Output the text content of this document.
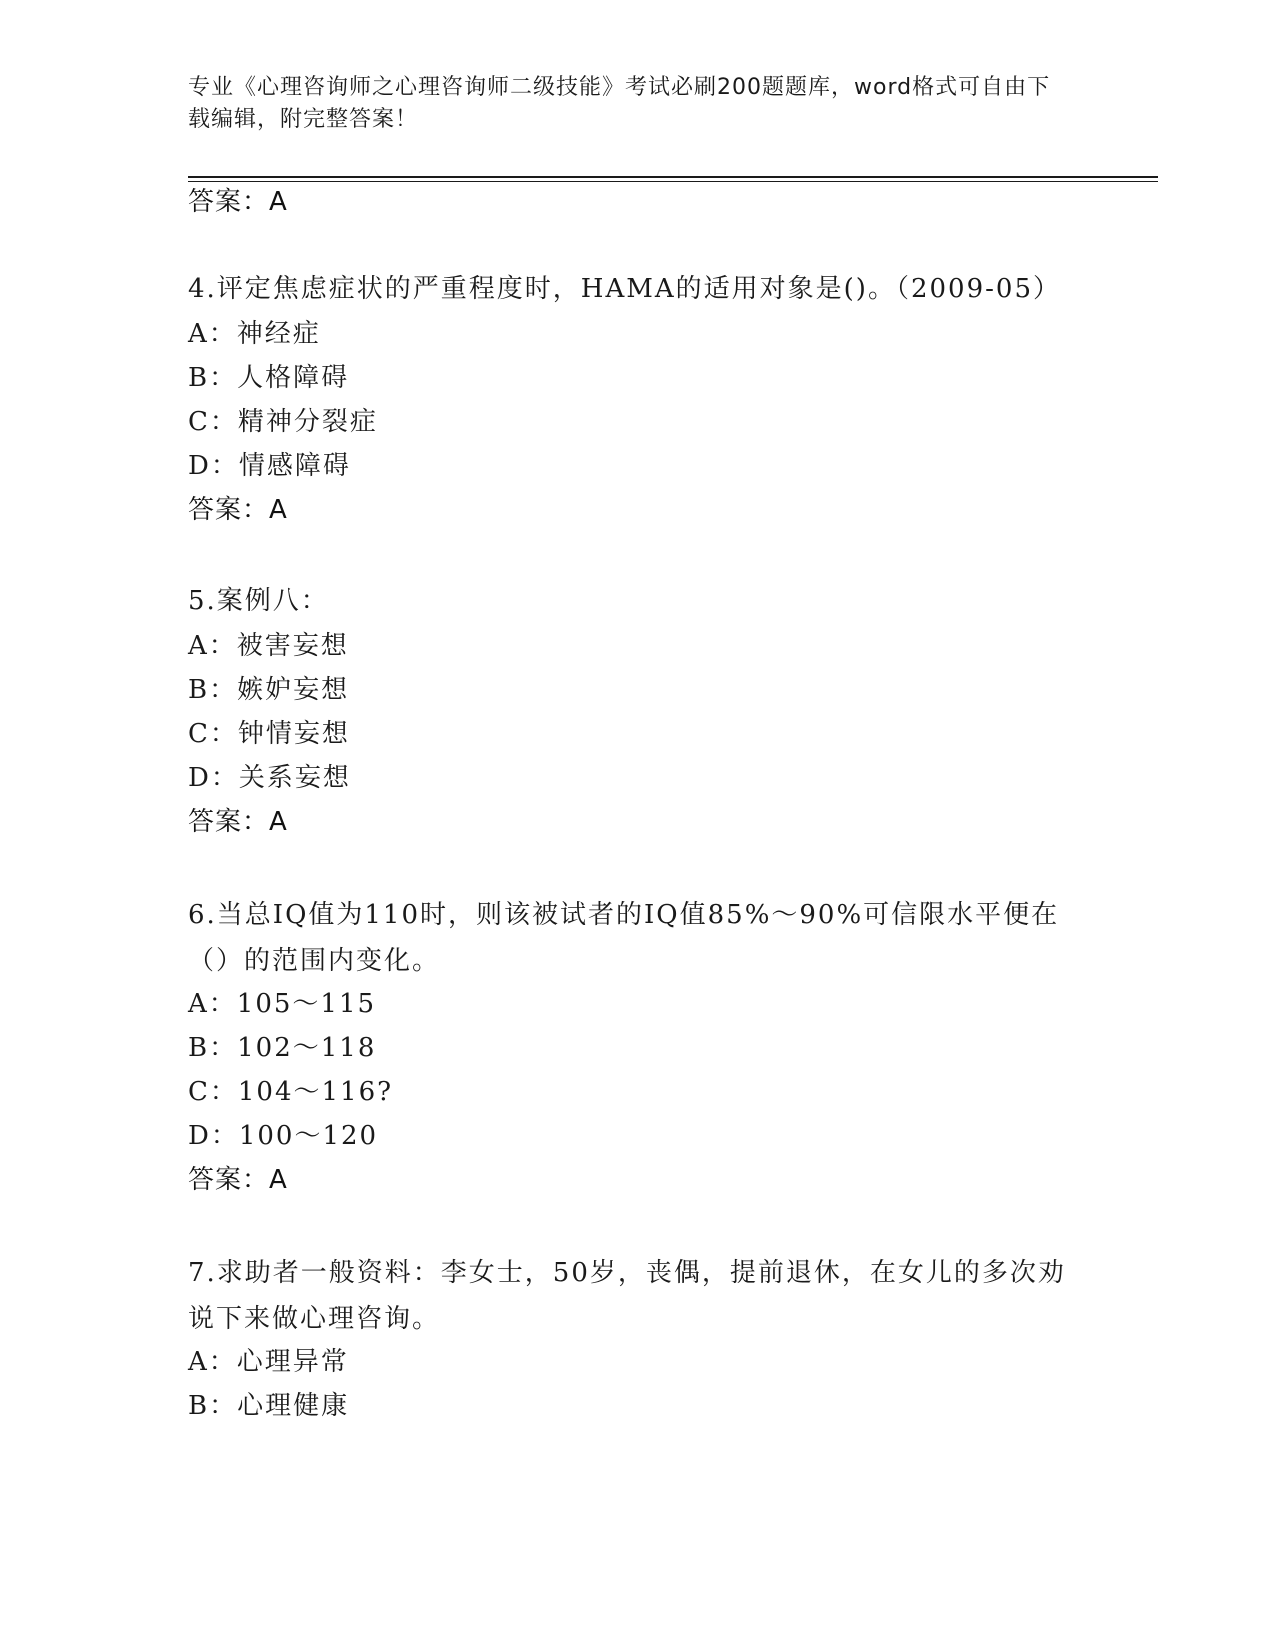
专业《心理咨询师之心理咨询师二级技能》考试必刷200题题库，word格式可自由下载编辑，附完整答案！
答案：A
4.评定焦虑症状的严重程度时，HAMA的适用对象是()。（2009-05）
A：神经症
B：人格障碍
C：精神分裂症
D：情感障碍
答案：A
5.案例八：
A：被害妄想
B：嫉妒妄想
C：钟情妄想
D：关系妄想
答案：A
6.当总IQ值为110时，则该被试者的IQ值85%～90%可信限水平便在（）的范围内变化。
A：105～115
B：102～118
C：104～116?
D：100～120
答案：A
7.求助者一般资料：李女士，50岁，丧偶，提前退休，在女儿的多次劝说下来做心理咨询。
A：心理异常
B：心理健康
